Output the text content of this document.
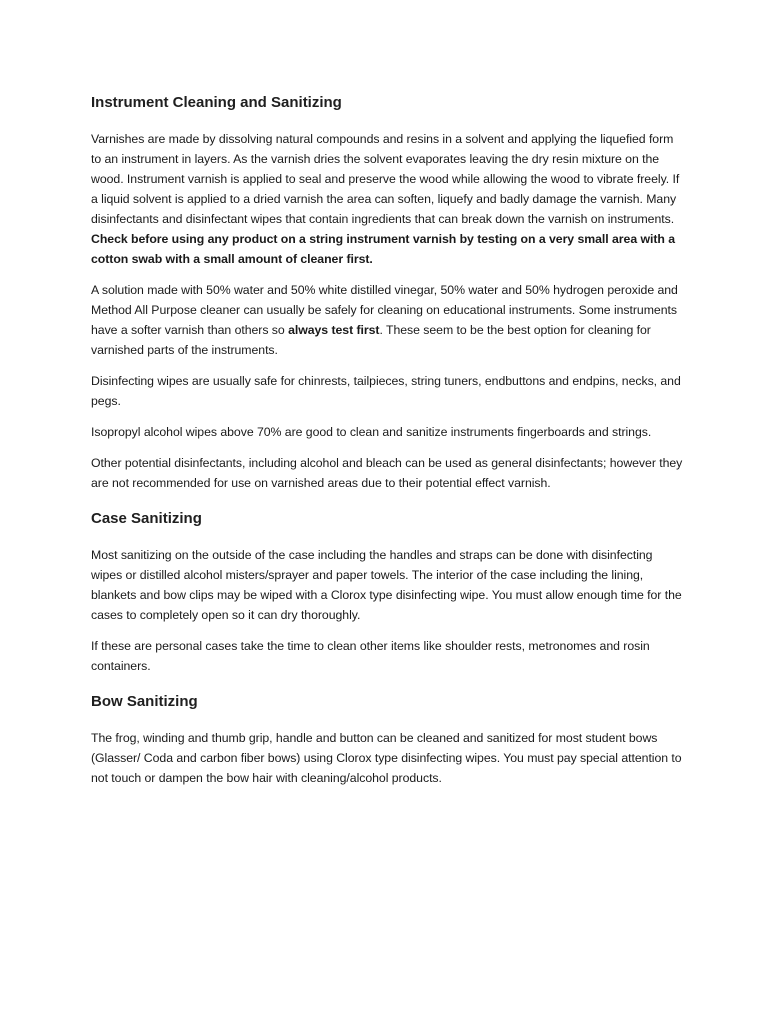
Instrument Cleaning and Sanitizing

Varnishes are made by dissolving natural compounds and resins in a solvent and applying the liquefied form to an instrument in layers. As the varnish dries the solvent evaporates leaving the dry resin mixture on the wood. Instrument varnish is applied to seal and preserve the wood while allowing the wood to vibrate freely. If a liquid solvent is applied to a dried varnish the area can soften, liquefy and badly damage the varnish. Many disinfectants and disinfectant wipes that contain ingredients that can break down the varnish on instruments. Check before using any product on a string instrument varnish by testing on a very small area with a cotton swab with a small amount of cleaner first.

A solution made with 50% water and 50% white distilled vinegar, 50% water and 50% hydrogen peroxide and Method All Purpose cleaner can usually be safely for cleaning on educational instruments. Some instruments have a softer varnish than others so always test first. These seem to be the best option for cleaning for varnished parts of the instruments.

Disinfecting wipes are usually safe for chinrests, tailpieces, string tuners, endbuttons and endpins, necks, and pegs.

Isopropyl alcohol wipes above 70% are good to clean and sanitize instruments fingerboards and strings.

Other potential disinfectants, including alcohol and bleach can be used as general disinfectants; however they are not recommended for use on varnished areas due to their potential effect varnish.

Case Sanitizing

Most sanitizing on the outside of the case including the handles and straps can be done with disinfecting wipes or distilled alcohol misters/sprayer and paper towels. The interior of the case including the lining, blankets and bow clips may be wiped with a Clorox type disinfecting wipe. You must allow enough time for the cases to completely open so it can dry thoroughly.

If these are personal cases take the time to clean other items like shoulder rests, metronomes and rosin containers.

Bow Sanitizing

The frog, winding and thumb grip, handle and button can be cleaned and sanitized for most student bows (Glasser/ Coda and carbon fiber bows) using Clorox type disinfecting wipes. You must pay special attention to not touch or dampen the bow hair with cleaning/alcohol products.
